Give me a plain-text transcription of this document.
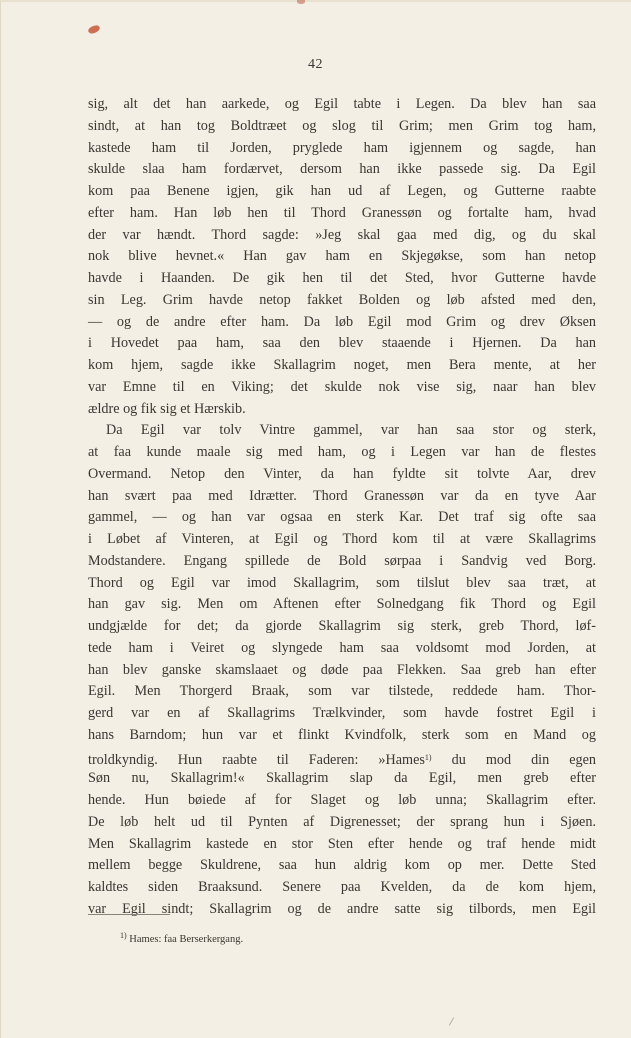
42
sig, alt det han aarkede, og Egil tabte i Legen. Da blev han saa
sindt, at han tog Boldtræet og slog til Grim; men Grim tog ham,
kastede ham til Jorden, pryglede ham igjennem og sagde, han
skulde slaa ham fordærvet, dersom han ikke passede sig. Da Egil
kom paa Benene igjen, gik han ud af Legen, og Gutterne raabte
efter ham. Han løb hen til Thord Granessøn og fortalte ham, hvad
der var hændt. Thord sagde: »Jeg skal gaa med dig, og du skal
nok blive hevnet.« Han gav ham en Skjegøkse, som han netop
havde i Haanden. De gik hen til det Sted, hvor Gutterne havde
sin Leg. Grim havde netop fakket Bolden og løb afsted med den,
— og de andre efter ham. Da løb Egil mod Grim og drev Øksen
i Hovedet paa ham, saa den blev staaende i Hjernen. Da han
kom hjem, sagde ikke Skallagrim noget, men Bera mente, at her
var Emne til en Viking; det skulde nok vise sig, naar han blev
ældre og fik sig et Hærskib.
Da Egil var tolv Vintre gammel, var han saa stor og sterk,
at faa kunde maale sig med ham, og i Legen var han de flestes
Overmand. Netop den Vinter, da han fyldte sit tolvte Aar, drev
han svært paa med Idrætter. Thord Granessøn var da en tyve Aar
gammel, — og han var ogsaa en sterk Kar. Det traf sig ofte saa
i Løbet af Vinteren, at Egil og Thord kom til at være Skallagrims
Modstandere. Engang spillede de Bold sørpaa i Sandvig ved Borg.
Thord og Egil var imod Skallagrim, som tilslut blev saa træt, at
han gav sig. Men om Aftenen efter Solnedgang fik Thord og Egil
undgjælde for det; da gjorde Skallagrim sig sterk, greb Thord, løf-
tede ham i Veiret og slyngede ham saa voldsomt mod Jorden, at
han blev ganske skamslaaet og døde paa Flekken. Saa greb han efter
Egil. Men Thorgerd Braak, som var tilstede, reddede ham. Thor-
gerd var en af Skallagrims Trælkvinder, som havde fostret Egil i
hans Barndom; hun var et flinkt Kvindfolk, sterk som en Mand og
troldkyndig. Hun raabte til Faderen: »Hames$^{1)}$ du mod din egen
Søn nu, Skallagrim!« Skallagrim slap da Egil, men greb efter
hende. Hun bøiede af for Slaget og løb unna; Skallagrim efter.
De løb helt ud til Pynten af Digrenesset; der sprang hun i Sjøen.
Men Skallagrim kastede en stor Sten efter hende og traf hende midt
mellem begge Skuldrene, saa hun aldrig kom op mer. Dette Sted
kaldtes siden Braaksund. Senere paa Kvelden, da de kom hjem,
var Egil sindt; Skallagrim og de andre satte sig tilbords, men Egil
$^{1)}$ Hames: faa Berserkergang.
